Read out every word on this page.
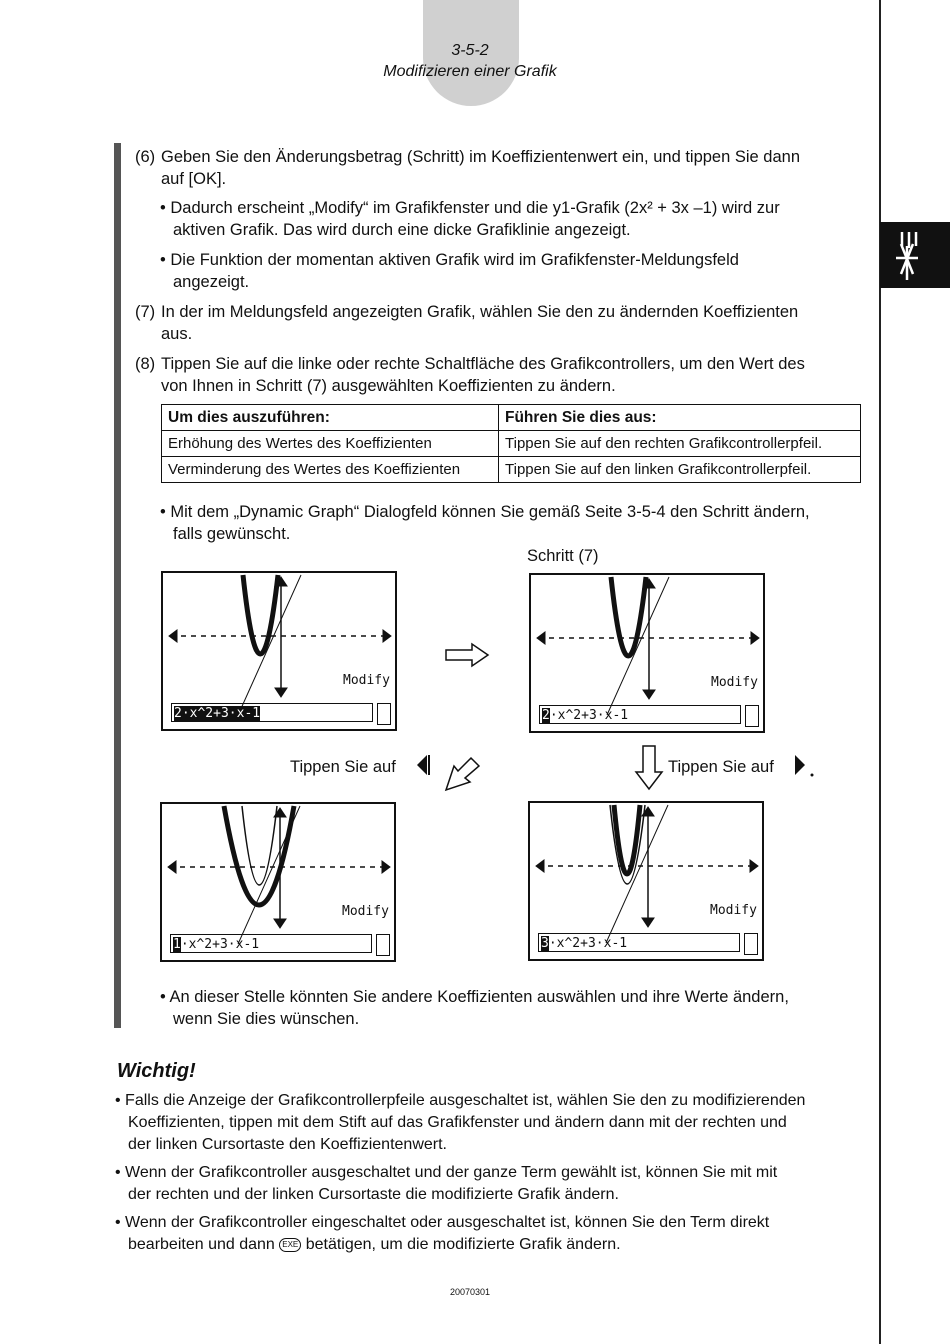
3-5-2
Modifizieren einer Grafik
(6) Geben Sie den Änderungsbetrag (Schritt) im Koeffizientenwert ein, und tippen Sie dann
auf [OK].
• Dadurch erscheint „Modify“ im Grafikfenster und die y1-Grafik (2x² + 3x –1) wird zur
aktiven Grafik. Das wird durch eine dicke Grafiklinie angezeigt.
• Die Funktion der momentan aktiven Grafik wird im Grafikfenster-Meldungsfeld
angezeigt.
(7) In der im Meldungsfeld angezeigten Grafik, wählen Sie den zu ändernden Koeffizienten
aus.
(8) Tippen Sie auf die linke oder rechte Schaltfläche des Grafikcontrollers, um den Wert des
von Ihnen in Schritt (7) ausgewählten Koeffizienten zu ändern.
Um dies auszuführen:	Führen Sie dies aus:
Erhöhung des Wertes des Koeffizienten	Tippen Sie auf den rechten Grafikcontrollerpfeil.
Verminderung des Wertes des Koeffizienten	Tippen Sie auf den linken Grafikcontrollerpfeil.
• Mit dem „Dynamic Graph“ Dialogfeld können Sie gemäß Seite 3-5-4 den Schritt ändern,
falls gewünscht.
Schritt (7)
Modify
2·x^2+3·x-1
Modify
2·x^2+3·x-1
Tippen Sie auf	Tippen Sie auf
Modify
1·x^2+3·x-1
Modify
3·x^2+3·x-1
• An dieser Stelle könnten Sie andere Koeffizienten auswählen und ihre Werte ändern,
wenn Sie dies wünschen.
Wichtig!
• Falls die Anzeige der Grafikcontrollerpfeile ausgeschaltet ist, wählen Sie den zu modifizierenden
Koeffizienten, tippen mit dem Stift auf das Grafikfenster und ändern dann mit der rechten und
der linken Cursortaste den Koeffizientenwert.
• Wenn der Grafikcontroller ausgeschaltet und der ganze Term gewählt ist, können Sie mit mit
der rechten und der linken Cursortaste die modifizierte Grafik ändern.
• Wenn der Grafikcontroller eingeschaltet oder ausgeschaltet ist, können Sie den Term direkt
bearbeiten und dann EXE betätigen, um die modifizierte Grafik ändern.
20070301
